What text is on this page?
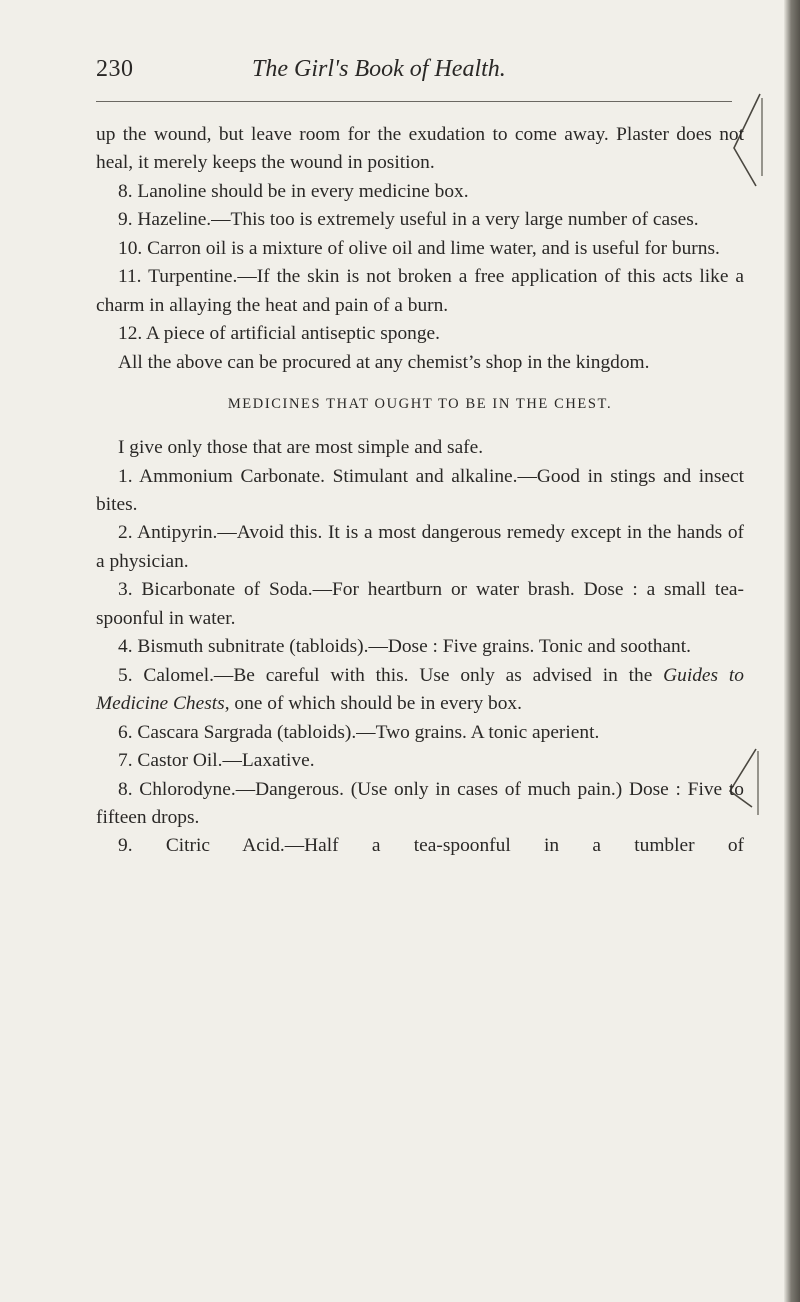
230	The Girl's Book of Health.

up the wound, but leave room for the exudation to come away. Plaster does not heal, it merely keeps the wound in position.

8. Lanoline should be in every medicine box.

9. Hazeline.—This too is extremely useful in a very large number of cases.

10. Carron oil is a mixture of olive oil and lime water, and is useful for burns.

11. Turpentine.—If the skin is not broken a free application of this acts like a charm in allaying the heat and pain of a burn.

12. A piece of artificial antiseptic sponge.

All the above can be procured at any chemist’s shop in the kingdom.

MEDICINES THAT OUGHT TO BE IN THE CHEST.

I give only those that are most simple and safe.

1. Ammonium Carbonate. Stimulant and alkaline.—Good in stings and insect bites.

2. Antipyrin.—Avoid this. It is a most dangerous remedy except in the hands of a physician.

3. Bicarbonate of Soda.—For heartburn or water brash. Dose : a small tea-spoonful in water.

4. Bismuth subnitrate (tabloids).—Dose : Five grains. Tonic and soothant.

5. Calomel.—Be careful with this. Use only as advised in the Guides to Medicine Chests, one of which should be in every box.

6. Cascara Sargrada (tabloids).—Two grains. A tonic aperient.

7. Castor Oil.—Laxative.

8. Chlorodyne.—Dangerous. (Use only in cases of much pain.) Dose : Five to fifteen drops.

9. Citric Acid.—Half a tea-spoonful in a tumbler of
